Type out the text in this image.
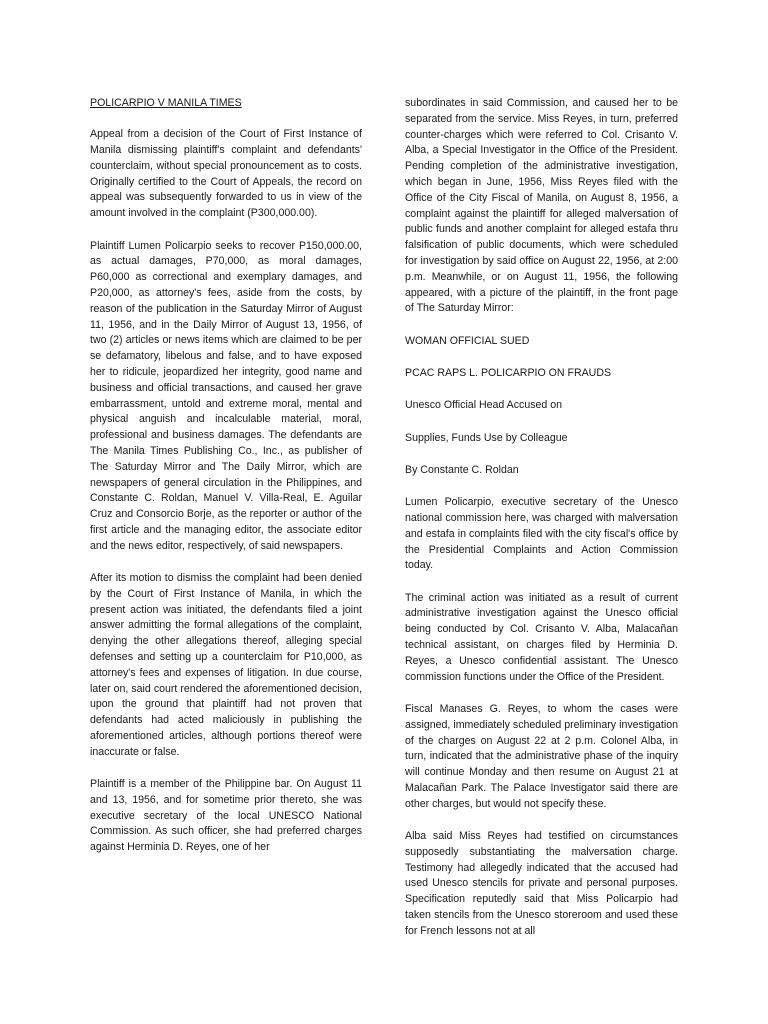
POLICARPIO V MANILA TIMES

Appeal from a decision of the Court of First Instance of Manila dismissing plaintiff's complaint and defendants' counterclaim, without special pronouncement as to costs. Originally certified to the Court of Appeals, the record on appeal was subsequently forwarded to us in view of the amount involved in the complaint (P300,000.00).

Plaintiff Lumen Policarpio seeks to recover P150,000.00, as actual damages, P70,000, as moral damages, P60,000 as correctional and exemplary damages, and P20,000, as attorney's fees, aside from the costs, by reason of the publication in the Saturday Mirror of August 11, 1956, and in the Daily Mirror of August 13, 1956, of two (2) articles or news items which are claimed to be per se defamatory, libelous and false, and to have exposed her to ridicule, jeopardized her integrity, good name and business and official transactions, and caused her grave embarrassment, untold and extreme moral, mental and physical anguish and incalculable material, moral, professional and business damages. The defendants are The Manila Times Publishing Co., Inc., as publisher of The Saturday Mirror and The Daily Mirror, which are newspapers of general circulation in the Philippines, and Constante C. Roldan, Manuel V. Villa-Real, E. Aguilar Cruz and Consorcio Borje, as the reporter or author of the first article and the managing editor, the associate editor and the news editor, respectively, of said newspapers.

After its motion to dismiss the complaint had been denied by the Court of First Instance of Manila, in which the present action was initiated, the defendants filed a joint answer admitting the formal allegations of the complaint, denying the other allegations thereof, alleging special defenses and setting up a counterclaim for P10,000, as attorney's fees and expenses of litigation. In due course, later on, said court rendered the aforementioned decision, upon the ground that plaintiff had not proven that defendants had acted maliciously in publishing the aforementioned articles, although portions thereof were inaccurate or false.

Plaintiff is a member of the Philippine bar. On August 11 and 13, 1956, and for sometime prior thereto, she was executive secretary of the local UNESCO National Commission. As such officer, she had preferred charges against Herminia D. Reyes, one of her

subordinates in said Commission, and caused her to be separated from the service. Miss Reyes, in turn, preferred counter-charges which were referred to Col. Crisanto V. Alba, a Special Investigator in the Office of the President. Pending completion of the administrative investigation, which began in June, 1956, Miss Reyes filed with the Office of the City Fiscal of Manila, on August 8, 1956, a complaint against the plaintiff for alleged malversation of public funds and another complaint for alleged estafa thru falsification of public documents, which were scheduled for investigation by said office on August 22, 1956, at 2:00 p.m. Meanwhile, or on August 11, 1956, the following appeared, with a picture of the plaintiff, in the front page of The Saturday Mirror:

WOMAN OFFICIAL SUED

PCAC RAPS L. POLICARPIO ON FRAUDS

Unesco Official Head Accused on

Supplies, Funds Use by Colleague

By Constante C. Roldan

Lumen Policarpio, executive secretary of the Unesco national commission here, was charged with malversation and estafa in complaints filed with the city fiscal's office by the Presidential Complaints and Action Commission today.

The criminal action was initiated as a result of current administrative investigation against the Unesco official being conducted by Col. Crisanto V. Alba, Malacañan technical assistant, on charges filed by Herminia D. Reyes, a Unesco confidential assistant. The Unesco commission functions under the Office of the President.

Fiscal Manases G. Reyes, to whom the cases were assigned, immediately scheduled preliminary investigation of the charges on August 22 at 2 p.m. Colonel Alba, in turn, indicated that the administrative phase of the inquiry will continue Monday and then resume on August 21 at Malacañan Park. The Palace Investigator said there are other charges, but would not specify these.

Alba said Miss Reyes had testified on circumstances supposedly substantiating the malversation charge. Testimony had allegedly indicated that the accused had used Unesco stencils for private and personal purposes. Specification reputedly said that Miss Policarpio had taken stencils from the Unesco storeroom and used these for French lessons not at all
